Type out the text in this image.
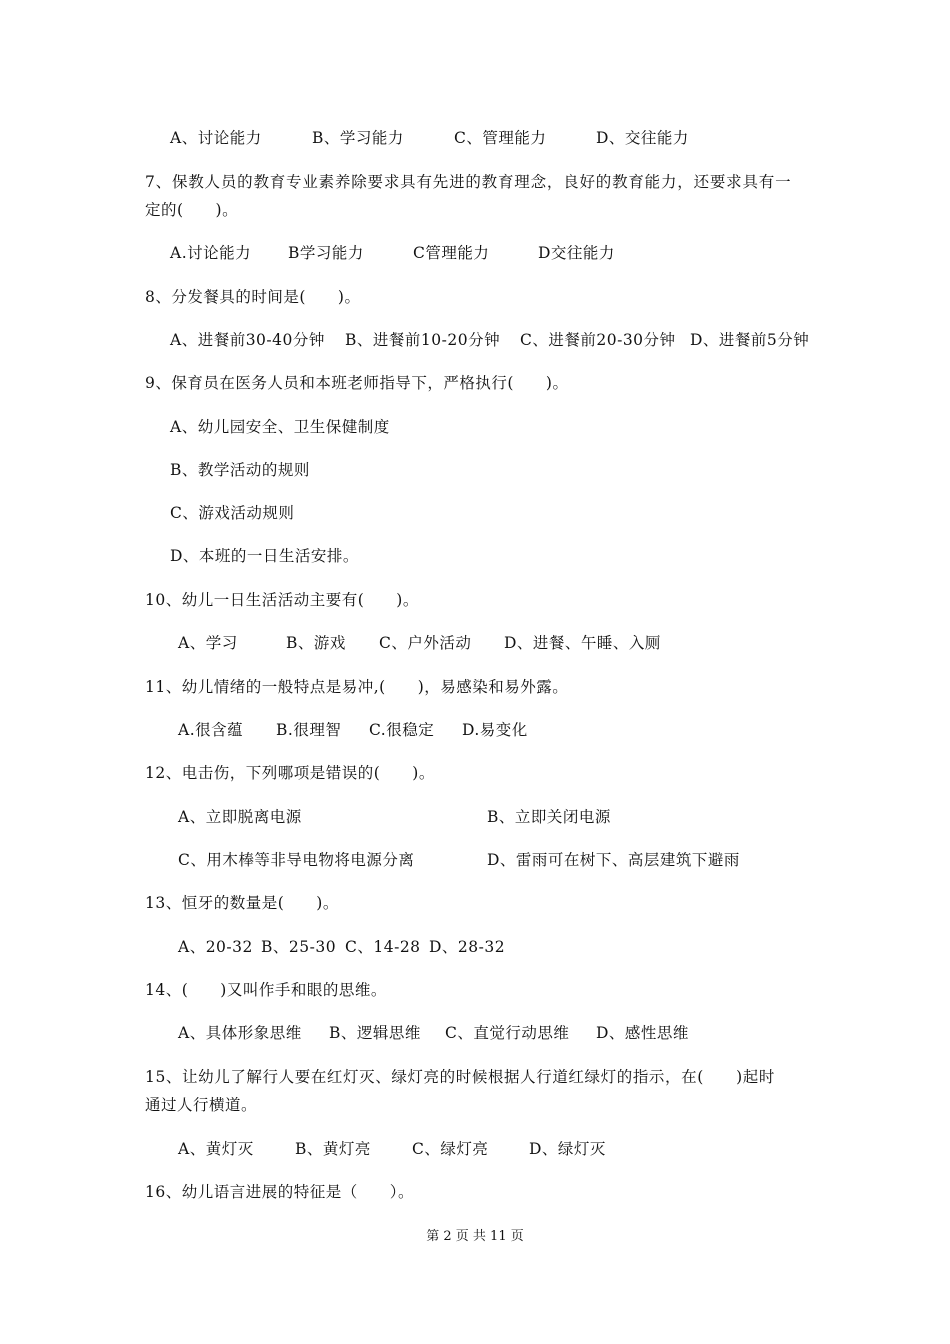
A、讨论能力	B、学习能力	C、管理能力	D、交往能力
7、保教人员的教育专业素养除要求具有先进的教育理念，良好的教育能力，还要求具有一
定的(　　)。
A.讨论能力 B学习能力	C管理能力	D交往能力
8、分发餐具的时间是(　　)。
A、进餐前30-40分钟 B、进餐前10-20分钟 C、进餐前20-30分钟 D、进餐前5分钟
9、保育员在医务人员和本班老师指导下，严格执行(　　)。
A、幼儿园安全、卫生保健制度
B、教学活动的规则
C、游戏活动规则
D、本班的一日生活安排。
10、幼儿一日生活活动主要有(　　)。
A、学习	B、游戏 C、户外活动 D、进餐、午睡、入厕
11、幼儿情绪的一般特点是易冲,(　　)，易感染和易外露。
A.很含蕴 B.很理智 C.很稳定 D.易变化
12、电击伤，下列哪项是错误的(　　)。
A、立即脱离电源	B、立即关闭电源
C、用木棒等非导电物将电源分离	D、雷雨可在树下、高层建筑下避雨
13、恒牙的数量是(　　)。
A、20-32 B、25-30 C、14-28 D、28-32
14、(　　)又叫作手和眼的思维。
A、具体形象思维 B、逻辑思维 C、直觉行动思维 D、感性思维
15、让幼儿了解行人要在红灯灭、绿灯亮的时候根据人行道红绿灯的指示，在(　　)起时
通过人行横道。
A、黄灯灭	B、黄灯亮	C、绿灯亮	D、绿灯灭
16、幼儿语言进展的特征是（　　）。
第 2 页 共 11 页
